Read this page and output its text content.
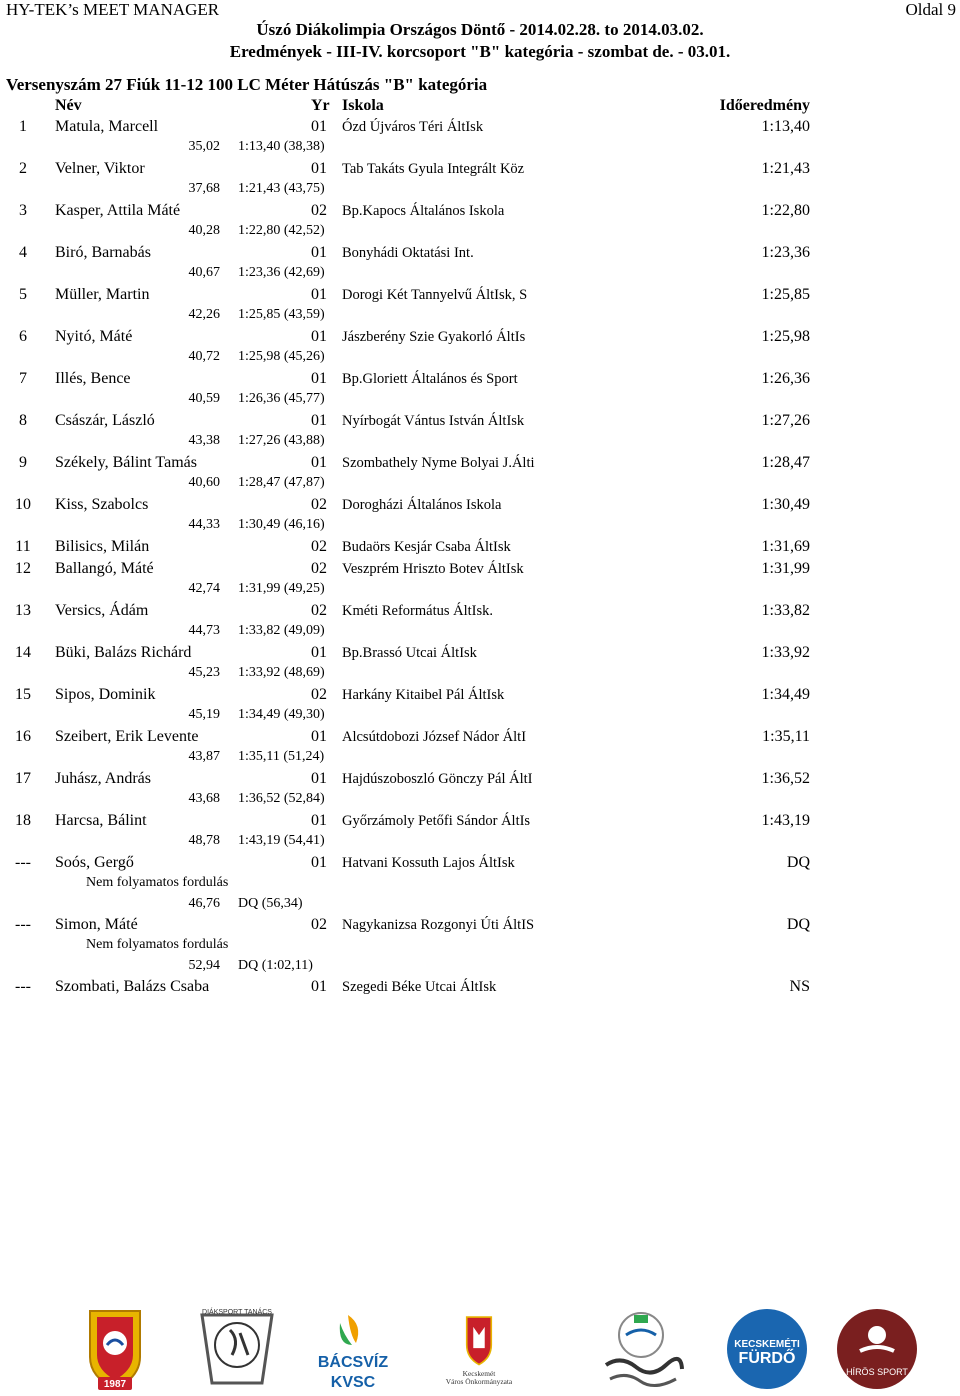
HY-TEK’s MEET MANAGER	Oldal 9
Úszó Diákolimpia Országos Döntő - 2014.02.28. to 2014.03.02.
Eredmények - III-IV. korcsoport "B" kategória - szombat de. - 03.01.
Versenyszám 27 Fiúk 11-12 100 LC Méter Hátúszás "B" kategória
Név	Yr Iskola	Időeredmény
1	Matula, Marcell	01 Ózd Újváros Téri ÁltIsk	1:13,40
35,02 1:13,40 (38,38)
2	Velner, Viktor	01 Tab Takáts Gyula Integrált Köz	1:21,43
37,68 1:21,43 (43,75)
3	Kasper, Attila Máté	02 Bp.Kapocs Általános Iskola	1:22,80
40,28 1:22,80 (42,52)
4	Biró, Barnabás	01 Bonyhádi Oktatási Int.	1:23,36
40,67 1:23,36 (42,69)
5	Müller, Martin	01 Dorogi Két Tannyelvű ÁltIsk, S	1:25,85
42,26 1:25,85 (43,59)
6	Nyitó, Máté	01 Jászberény Szie Gyakorló ÁltIs	1:25,98
40,72 1:25,98 (45,26)
7	Illés, Bence	01 Bp.Gloriett Általános és Sport	1:26,36
40,59 1:26,36 (45,77)
8	Császár, László	01 Nyírbogát Vántus István ÁltIsk	1:27,26
43,38 1:27,26 (43,88)
9	Székely, Bálint Tamás	01 Szombathely Nyme Bolyai J.Álti	1:28,47
40,60 1:28,47 (47,87)
10	Kiss, Szabolcs	02 Dorogházi Általános Iskola	1:30,49
44,33 1:30,49 (46,16)
11	Bilisics, Milán	02 Budaörs Kesjár Csaba ÁltIsk	1:31,69
12	Ballangó, Máté	02 Veszprém Hriszto Botev ÁltIsk	1:31,99
42,74 1:31,99 (49,25)
13	Versics, Ádám	02 Kméti Református ÁltIsk.	1:33,82
44,73 1:33,82 (49,09)
14	Büki, Balázs Richárd	01 Bp.Brassó Utcai ÁltIsk	1:33,92
45,23 1:33,92 (48,69)
15	Sipos, Dominik	02 Harkány Kitaibel Pál ÁltIsk	1:34,49
45,19 1:34,49 (49,30)
16	Szeibert, Erik Levente	01 Alcsútdobozi József Nádor ÁltI	1:35,11
43,87 1:35,11 (51,24)
17	Juhász, András	01 Hajdúszoboszló Gönczy Pál ÁltI	1:36,52
43,68 1:36,52 (52,84)
18	Harcsa, Bálint	01 Győrzámoly Petőfi Sándor ÁltIs	1:43,19
48,78 1:43,19 (54,41)
---	Soós, Gergő	01 Hatvani Kossuth Lajos ÁltIsk	DQ
Nem folyamatos fordulás
46,76 DQ (56,34)
---	Simon, Máté	02 Nagykanizsa Rozgonyi Úti ÁltIS	DQ
Nem folyamatos fordulás
52,94 DQ (1:02,11)
---	Szombati, Balázs Csaba	01 Szegedi Béke Utcai ÁltIsk	NS
1987
DIÁKSPORT TANÁCS
BÁCSVÍZ
KVSC
Kecskemét
Város Önkormányzata
KECSKEMÉTI
FÜRDŐ
HÍRÖS SPORT
